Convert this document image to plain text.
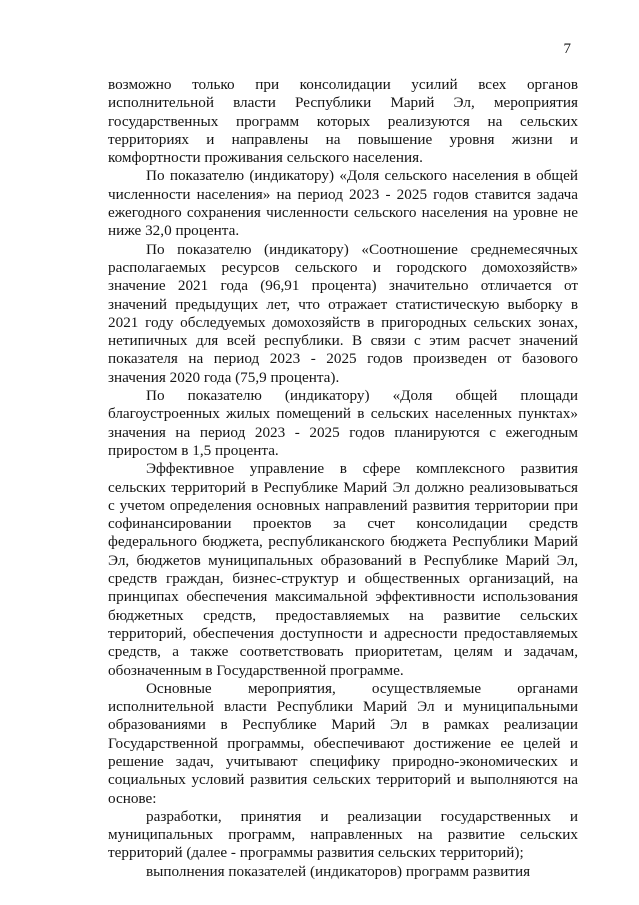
7

возможно только при консолидации усилий всех органов исполнительной власти Республики Марий Эл, мероприятия государственных программ которых реализуются на сельских территориях и направлены на повышение уровня жизни и комфортности проживания сельского населения.

По показателю (индикатору) «Доля сельского населения в общей численности населения» на период 2023 - 2025 годов ставится задача ежегодного сохранения численности сельского населения на уровне не ниже 32,0 процента.

По показателю (индикатору) «Соотношение среднемесячных располагаемых ресурсов сельского и городского домохозяйств» значение 2021 года (96,91 процента) значительно отличается от значений предыдущих лет, что отражает статистическую выборку в 2021 году обследуемых домохозяйств в пригородных сельских зонах, нетипичных для всей республики. В связи с этим расчет значений показателя на период 2023 - 2025 годов произведен от базового значения 2020 года (75,9 процента).

По показателю (индикатору) «Доля общей площади благоустроенных жилых помещений в сельских населенных пунктах» значения на период 2023 - 2025 годов планируются с ежегодным приростом в 1,5 процента.

Эффективное управление в сфере комплексного развития сельских территорий в Республике Марий Эл должно реализовываться с учетом определения основных направлений развития территории при софинансировании проектов за счет консолидации средств федерального бюджета, республиканского бюджета Республики Марий Эл, бюджетов муниципальных образований в Республике Марий Эл, средств граждан, бизнес-структур и общественных организаций, на принципах обеспечения максимальной эффективности использования бюджетных средств, предоставляемых на развитие сельских территорий, обеспечения доступности и адресности предоставляемых средств, а также соответствовать приоритетам, целям и задачам, обозначенным в Государственной программе.

Основные мероприятия, осуществляемые органами исполнительной власти Республики Марий Эл и муниципальными образованиями в Республике Марий Эл в рамках реализации Государственной программы, обеспечивают достижение ее целей и решение задач, учитывают специфику природно-экономических и социальных условий развития сельских территорий и выполняются на основе:

разработки, принятия и реализации государственных и муниципальных программ, направленных на развитие сельских территорий (далее - программы развития сельских территорий);

выполнения показателей (индикаторов) программ развития
